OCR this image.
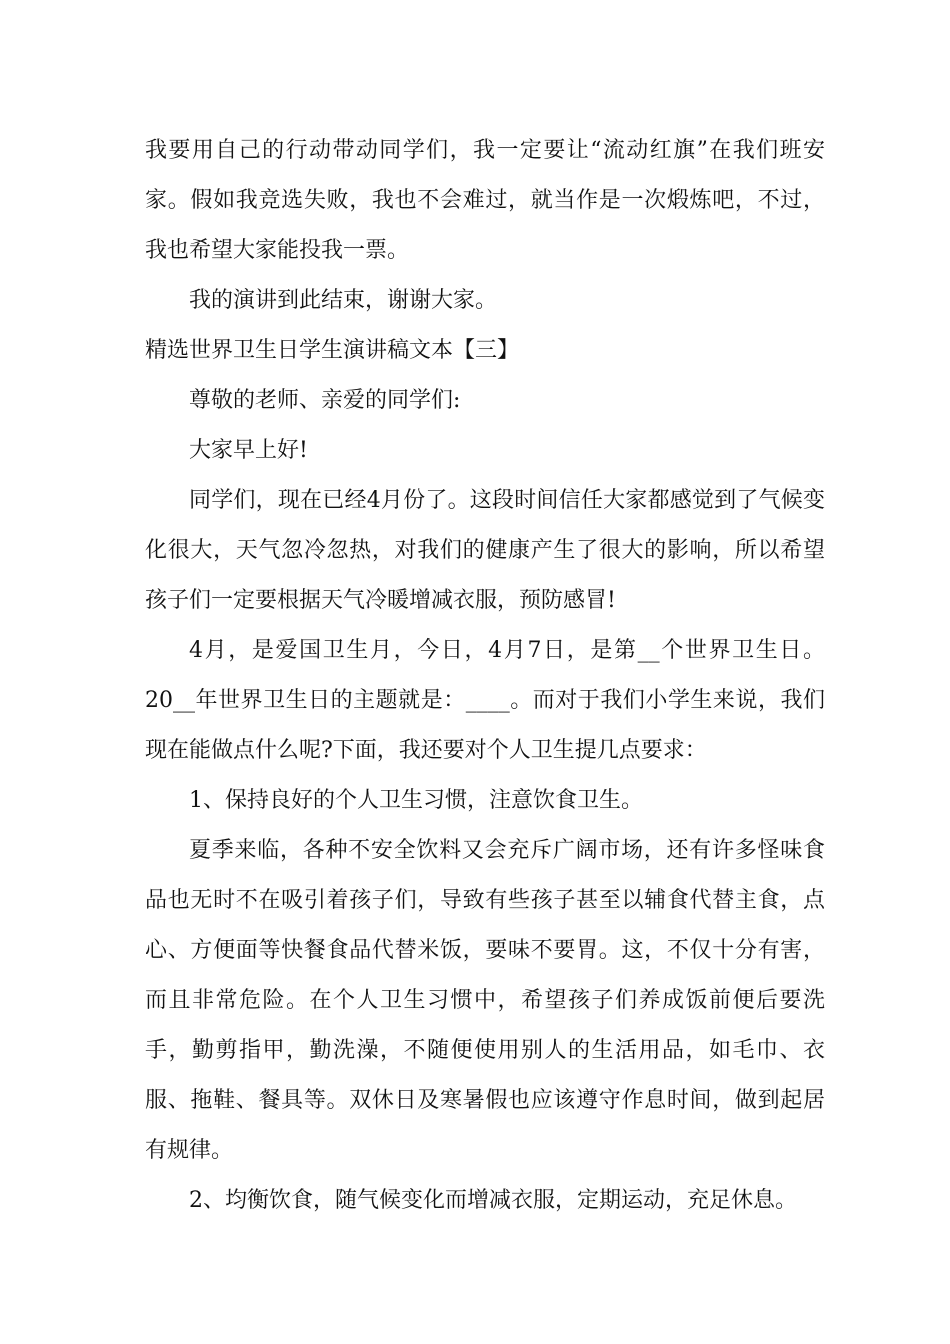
我要用自己的行动带动同学们，我一定要让“流动红旗”在我们班安家。假如我竞选失败，我也不会难过，就当作是一次煅炼吧，不过，我也希望大家能投我一票。

我的演讲到此结束，谢谢大家。

精选世界卫生日学生演讲稿文本【三】

尊敬的老师、亲爱的同学们:

大家早上好!

同学们，现在已经4月份了。这段时间信任大家都感觉到了气候变化很大，天气忽冷忽热，对我们的健康产生了很大的影响，所以希望孩子们一定要根据天气冷暖增减衣服，预防感冒!

4月，是爱国卫生月，今日，4月7日，是第__个世界卫生日。20__年世界卫生日的主题就是：____。而对于我们小学生来说，我们现在能做点什么呢?下面，我还要对个人卫生提几点要求：

1、保持良好的个人卫生习惯，注意饮食卫生。

夏季来临，各种不安全饮料又会充斥广阔市场，还有许多怪味食品也无时不在吸引着孩子们，导致有些孩子甚至以辅食代替主食，点心、方便面等快餐食品代替米饭，要味不要胃。这，不仅十分有害，而且非常危险。在个人卫生习惯中，希望孩子们养成饭前便后要洗手，勤剪指甲，勤洗澡，不随便使用别人的生活用品，如毛巾、衣服、拖鞋、餐具等。双休日及寒暑假也应该遵守作息时间，做到起居有规律。

2、均衡饮食，随气候变化而增减衣服，定期运动，充足休息。
